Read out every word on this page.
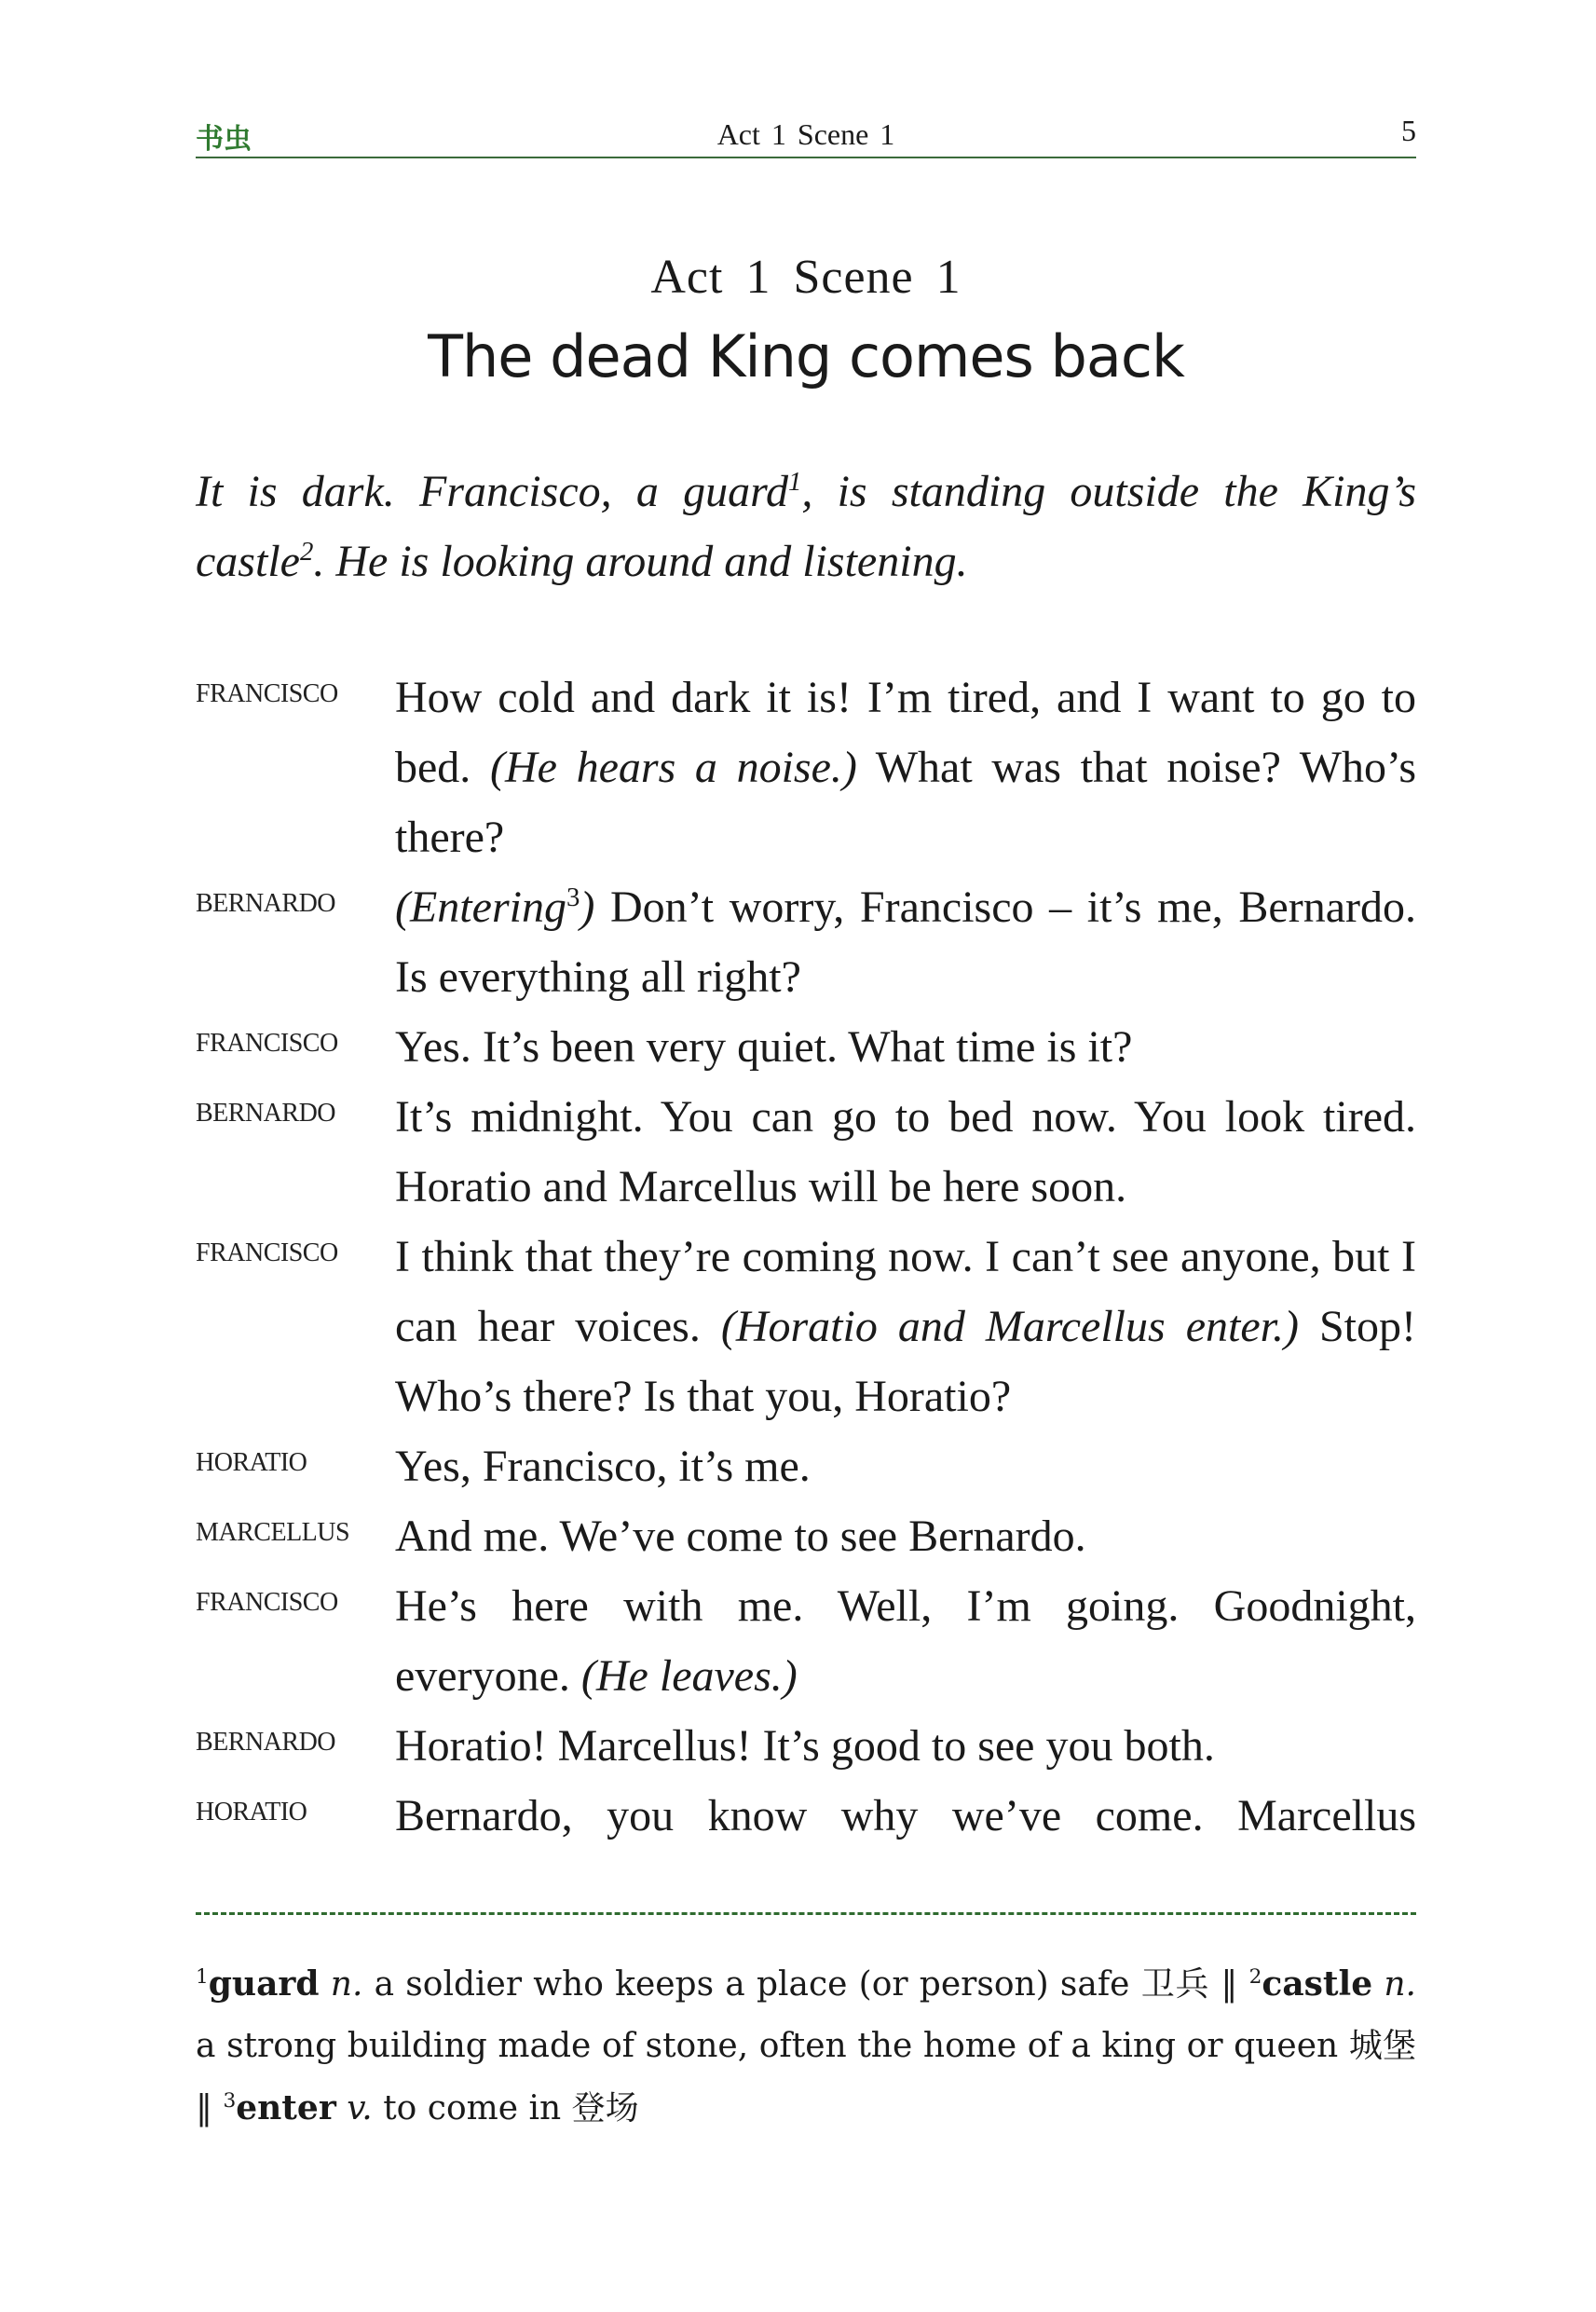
书虫	Act 1 Scene 1	5
Act 1 Scene 1
The dead King comes back
It is dark. Francisco, a guard$^1$, is standing outside the King’s castle$^2$. He is looking around and listening.
FRANCISCO How cold and dark it is! I’m tired, and I want to go to bed. (He hears a noise.) What was that noise? Who’s there?
BERNARDO (Entering$^3$) Don’t worry, Francisco – it’s me, Bernardo. Is everything all right?
FRANCISCO Yes. It’s been very quiet. What time is it?
BERNARDO It’s midnight. You can go to bed now. You look tired. Horatio and Marcellus will be here soon.
FRANCISCO I think that they’re coming now. I can’t see anyone, but I can hear voices. (Horatio and Marcellus enter.) Stop! Who’s there? Is that you, Horatio?
HORATIO Yes, Francisco, it’s me.
MARCELLUS And me. We’ve come to see Bernardo.
FRANCISCO He’s here with me. Well, I’m going. Goodnight, everyone. (He leaves.)
BERNARDO Horatio! Marcellus! It’s good to see you both.
HORATIO Bernardo, you know why we’ve come. Marcellus
$^1$guard n. a soldier who keeps a place (or person) safe 卫兵 ‖ $^2$castle n. a strong building made of stone, often the home of a king or queen 城堡 ‖ $^3$enter v. to come in 登场
